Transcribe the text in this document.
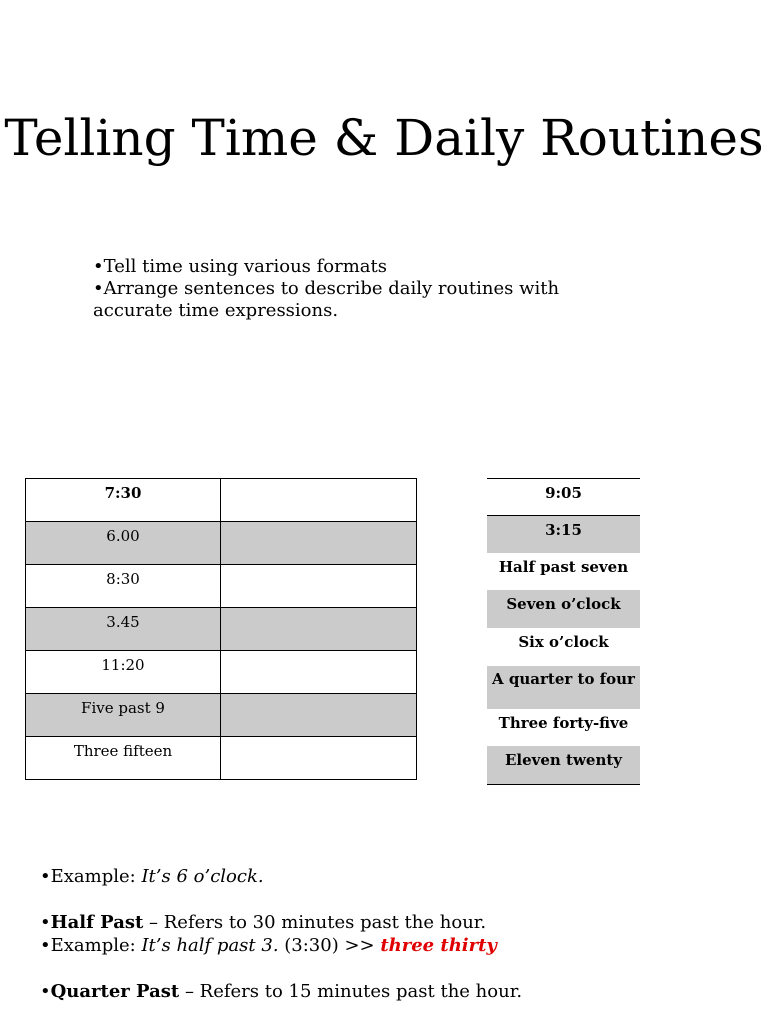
Telling Time & Daily Routines
•Tell time using various formats
•Arrange sentences to describe daily routines with accurate time expressions.
7:30	

6.00	

8:30	

3.45	

11:20	

Five past 9	

Three fifteen	

9:05
3:15
Half past seven
Seven o’clock
Six o’clock
A quarter to four
Three forty-five
Eleven twenty
•Example: It’s 6 o’clock.
•Half Past – Refers to 30 minutes past the hour.
•Example: It’s half past 3. (3:30) >> three thirty
•Quarter Past – Refers to 15 minutes past the hour.
